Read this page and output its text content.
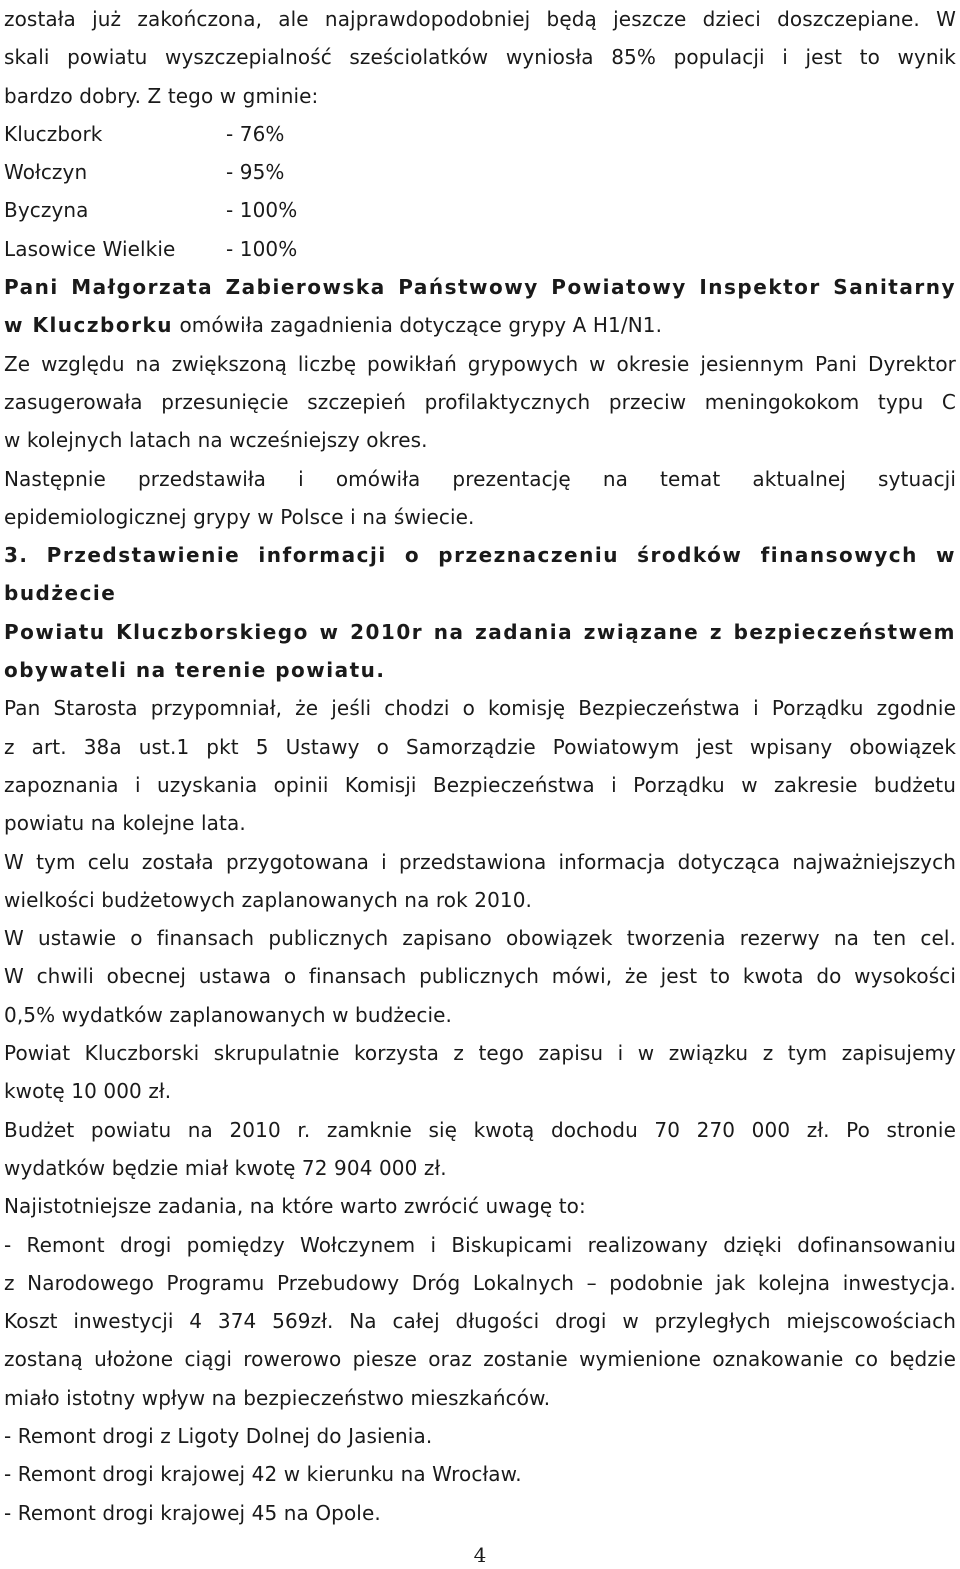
została już zakończona, ale najprawdopodobniej będą jeszcze dzieci doszczepiane. W
skali powiatu wyszczepialność sześciolatków wyniosła 85% populacji i jest to wynik
bardzo dobry. Z tego w gminie:
Kluczbork	- 76%
Wołczyn	- 95%
Byczyna	- 100%
Lasowice Wielkie	- 100%
Pani Małgorzata Zabierowska Państwowy Powiatowy Inspektor Sanitarny
w Kluczborku omówiła zagadnienia dotyczące grypy A H1/N1.
Ze względu na zwiększoną liczbę powikłań grypowych w okresie jesiennym Pani Dyrektor
zasugerowała przesunięcie szczepień profilaktycznych przeciw meningokokom typu C
w kolejnych latach na wcześniejszy okres.
Następnie przedstawiła i omówiła prezentację na temat aktualnej sytuacji
epidemiologicznej grypy w Polsce i na świecie.
3. Przedstawienie informacji o przeznaczeniu środków finansowych w budżecie
Powiatu Kluczborskiego w 2010r na zadania związane z bezpieczeństwem
obywateli na terenie powiatu.
Pan Starosta przypomniał, że jeśli chodzi o komisję Bezpieczeństwa i Porządku zgodnie
z art. 38a ust.1 pkt 5 Ustawy o Samorządzie Powiatowym jest wpisany obowiązek
zapoznania i uzyskania opinii Komisji Bezpieczeństwa i Porządku w zakresie budżetu
powiatu na kolejne lata.
W tym celu została przygotowana i przedstawiona informacja dotycząca najważniejszych
wielkości budżetowych zaplanowanych na rok 2010.
W ustawie o finansach publicznych zapisano obowiązek tworzenia rezerwy na ten cel.
W chwili obecnej ustawa o finansach publicznych mówi, że jest to kwota do wysokości
0,5% wydatków zaplanowanych w budżecie.
Powiat Kluczborski skrupulatnie korzysta z tego zapisu i w związku z tym zapisujemy
kwotę 10 000 zł.
Budżet powiatu na 2010 r. zamknie się kwotą dochodu 70 270 000 zł. Po stronie
wydatków będzie miał kwotę 72 904 000 zł.
Najistotniejsze zadania, na które warto zwrócić uwagę to:
- Remont drogi pomiędzy Wołczynem i Biskupicami realizowany dzięki dofinansowaniu
z Narodowego Programu Przebudowy Dróg Lokalnych – podobnie jak kolejna inwestycja.
Koszt inwestycji 4 374 569zł. Na całej długości drogi w przyległych miejscowościach
zostaną ułożone ciągi rowerowo piesze oraz zostanie wymienione oznakowanie co będzie
miało istotny wpływ na bezpieczeństwo mieszkańców.
- Remont drogi z Ligoty Dolnej do Jasienia.
- Remont drogi krajowej 42 w kierunku na Wrocław.
- Remont drogi krajowej 45 na Opole.
4
